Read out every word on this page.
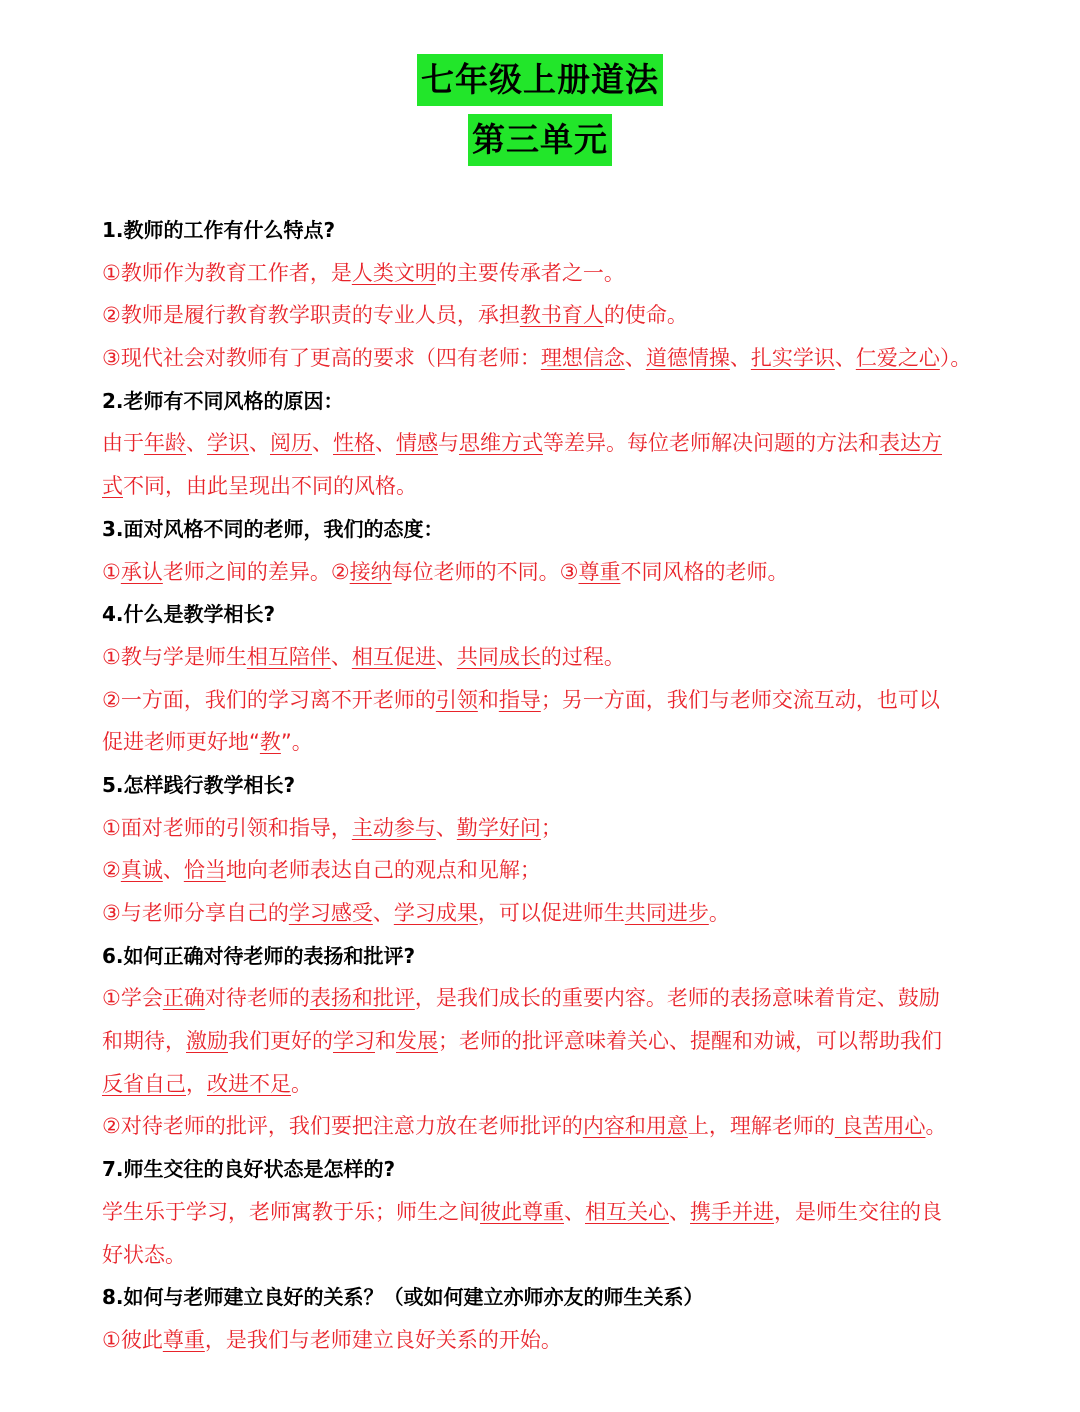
七年级上册道法
第三单元
1.教师的工作有什么特点?
①教师作为教育工作者，是人类文明的主要传承者之一。
②教师是履行教育教学职责的专业人员，承担教书育人的使命。
③现代社会对教师有了更高的要求（四有老师：理想信念、道德情操、扎实学识、仁爱之心）。
2.老师有不同风格的原因：
由于年龄、学识、阅历、性格、情感与思维方式等差异。每位老师解决问题的方法和表达方
式不同，由此呈现出不同的风格。
3.面对风格不同的老师，我们的态度：
①承认老师之间的差异。②接纳每位老师的不同。③尊重不同风格的老师。
4.什么是教学相长?
①教与学是师生相互陪伴、相互促进、共同成长的过程。
②一方面，我们的学习离不开老师的引领和指导；另一方面，我们与老师交流互动，也可以
促进老师更好地“教”。
5.怎样践行教学相长?
①面对老师的引领和指导，主动参与、勤学好问；
②真诚、恰当地向老师表达自己的观点和见解；
③与老师分享自己的学习感受、学习成果，可以促进师生共同进步。
6.如何正确对待老师的表扬和批评?
①学会正确对待老师的表扬和批评，是我们成长的重要内容。老师的表扬意味着肯定、鼓励
和期待，激励我们更好的学习和发展；老师的批评意味着关心、提醒和劝诫，可以帮助我们
反省自己，改进不足。
②对待老师的批评，我们要把注意力放在老师批评的内容和用意上，理解老师的 良苦用心。
7.师生交往的良好状态是怎样的?
学生乐于学习，老师寓教于乐；师生之间彼此尊重、相互关心、携手并进，是师生交往的良
好状态。
8.如何与老师建立良好的关系？（或如何建立亦师亦友的师生关系）
①彼此尊重，是我们与老师建立良好关系的开始。
